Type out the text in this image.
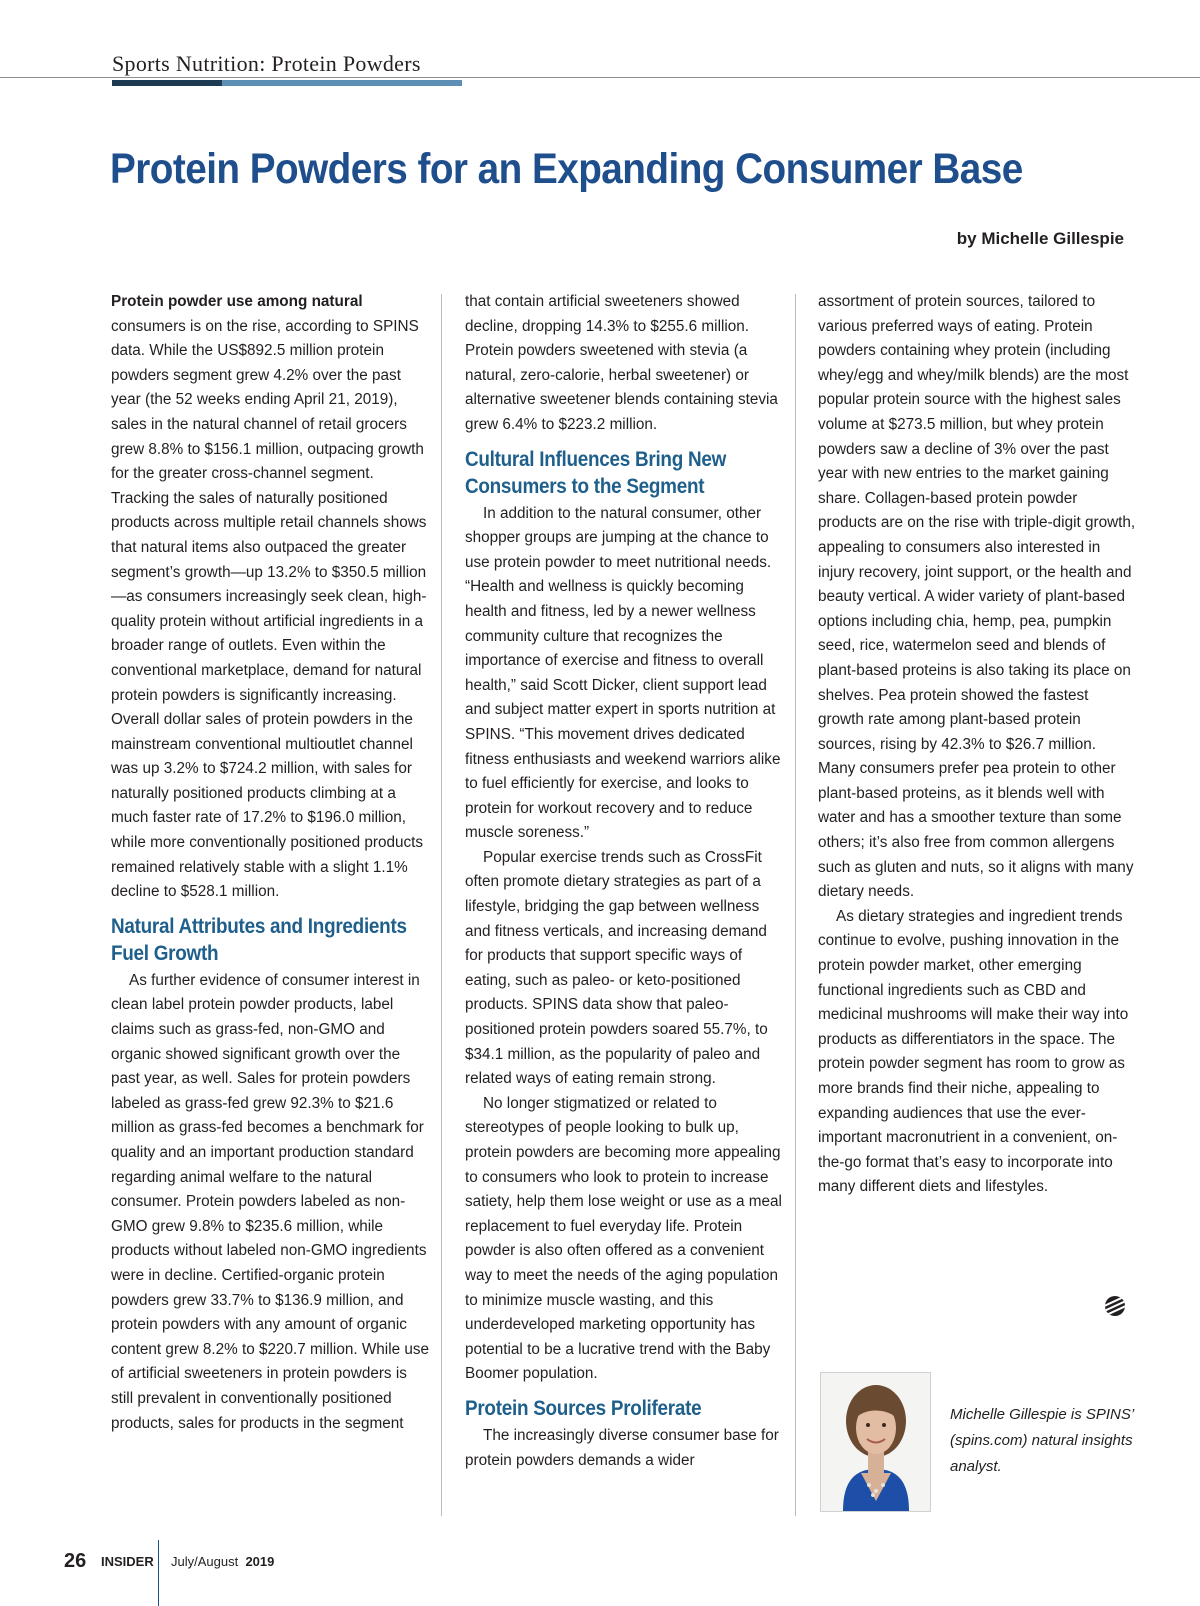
Sports Nutrition: Protein Powders
Protein Powders for an Expanding Consumer Base
by Michelle Gillespie

Protein powder use among natural consumers is on the rise, according to SPINS data. While the US$892.5 million protein powders segment grew 4.2% over the past year (the 52 weeks ending April 21, 2019), sales in the natural channel of retail grocers grew 8.8% to $156.1 million, outpacing growth for the greater cross-channel segment. Tracking the sales of naturally positioned products across multiple retail channels shows that natural items also outpaced the greater segment’s growth—up 13.2% to $350.5 million—as consumers increasingly seek clean, high-quality protein without artificial ingredients in a broader range of outlets. Even within the conventional marketplace, demand for natural protein powders is significantly increasing. Overall dollar sales of protein powders in the mainstream conventional multioutlet channel was up 3.2% to $724.2 million, with sales for naturally positioned products climbing at a much faster rate of 17.2% to $196.0 million, while more conventionally positioned products remained relatively stable with a slight 1.1% decline to $528.1 million.

Natural Attributes and Ingredients Fuel Growth

As further evidence of consumer interest in clean label protein powder products, label claims such as grass-fed, non-GMO and organic showed significant growth over the past year, as well. Sales for protein powders labeled as grass-fed grew 92.3% to $21.6 million as grass-fed becomes a benchmark for quality and an important production standard regarding animal welfare to the natural consumer. Protein powders labeled as non-GMO grew 9.8% to $235.6 million, while products without labeled non-GMO ingredients were in decline. Certified-organic protein powders grew 33.7% to $136.9 million, and protein powders with any amount of organic content grew 8.2% to $220.7 million. While use of artificial sweeteners in protein powders is still prevalent in conventionally positioned products, sales for products in the segment

that contain artificial sweeteners showed decline, dropping 14.3% to $255.6 million. Protein powders sweetened with stevia (a natural, zero-calorie, herbal sweetener) or alternative sweetener blends containing stevia grew 6.4% to $223.2 million.

Cultural Influences Bring New Consumers to the Segment

In addition to the natural consumer, other shopper groups are jumping at the chance to use protein powder to meet nutritional needs. “Health and wellness is quickly becoming health and fitness, led by a newer wellness community culture that recognizes the importance of exercise and fitness to overall health,” said Scott Dicker, client support lead and subject matter expert in sports nutrition at SPINS. “This movement drives dedicated fitness enthusiasts and weekend warriors alike to fuel efficiently for exercise, and looks to protein for workout recovery and to reduce muscle soreness.”

Popular exercise trends such as CrossFit often promote dietary strategies as part of a lifestyle, bridging the gap between wellness and fitness verticals, and increasing demand for products that support specific ways of eating, such as paleo- or keto-positioned products. SPINS data show that paleo-positioned protein powders soared 55.7%, to $34.1 million, as the popularity of paleo and related ways of eating remain strong.

No longer stigmatized or related to stereotypes of people looking to bulk up, protein powders are becoming more appealing to consumers who look to protein to increase satiety, help them lose weight or use as a meal replacement to fuel everyday life. Protein powder is also often offered as a convenient way to meet the needs of the aging population to minimize muscle wasting, and this underdeveloped marketing opportunity has potential to be a lucrative trend with the Baby Boomer population.

Protein Sources Proliferate

The increasingly diverse consumer base for protein powders demands a wider

assortment of protein sources, tailored to various preferred ways of eating. Protein powders containing whey protein (including whey/egg and whey/milk blends) are the most popular protein source with the highest sales volume at $273.5 million, but whey protein powders saw a decline of 3% over the past year with new entries to the market gaining share. Collagen-based protein powder products are on the rise with triple-digit growth, appealing to consumers also interested in injury recovery, joint support, or the health and beauty vertical. A wider variety of plant-based options including chia, hemp, pea, pumpkin seed, rice, watermelon seed and blends of plant-based proteins is also taking its place on shelves. Pea protein showed the fastest growth rate among plant-based protein sources, rising by 42.3% to $26.7 million. Many consumers prefer pea protein to other plant-based proteins, as it blends well with water and has a smoother texture than some others; it’s also free from common allergens such as gluten and nuts, so it aligns with many dietary needs.

As dietary strategies and ingredient trends continue to evolve, pushing innovation in the protein powder market, other emerging functional ingredients such as CBD and medicinal mushrooms will make their way into products as differentiators in the space. The protein powder segment has room to grow as more brands find their niche, appealing to expanding audiences that use the ever-important macronutrient in a convenient, on-the-go format that’s easy to incorporate into many different diets and lifestyles.

Michelle Gillespie is SPINS’ (spins.com) natural insights analyst.
26 INSIDER July/August 2019
